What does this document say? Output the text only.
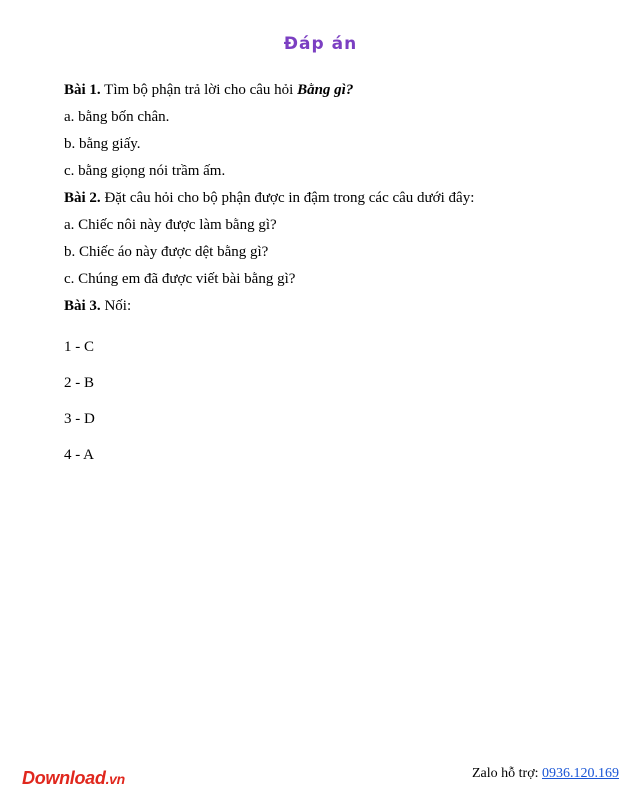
Đáp án
Bài 1. Tìm bộ phận trả lời cho câu hỏi Bằng gì?
a. bằng bốn chân.
b. bằng giấy.
c. bằng giọng nói trầm ấm.
Bài 2. Đặt câu hỏi cho bộ phận được in đậm trong các câu dưới đây:
a. Chiếc nôi này được làm bằng gì?
b. Chiếc áo này được dệt bằng gì?
c. Chúng em đã được viết bài bằng gì?
Bài 3. Nối:
1 - C
2 - B
3 - D
4 - A
Download.vn	Zalo hỗ trợ: 0936.120.169
